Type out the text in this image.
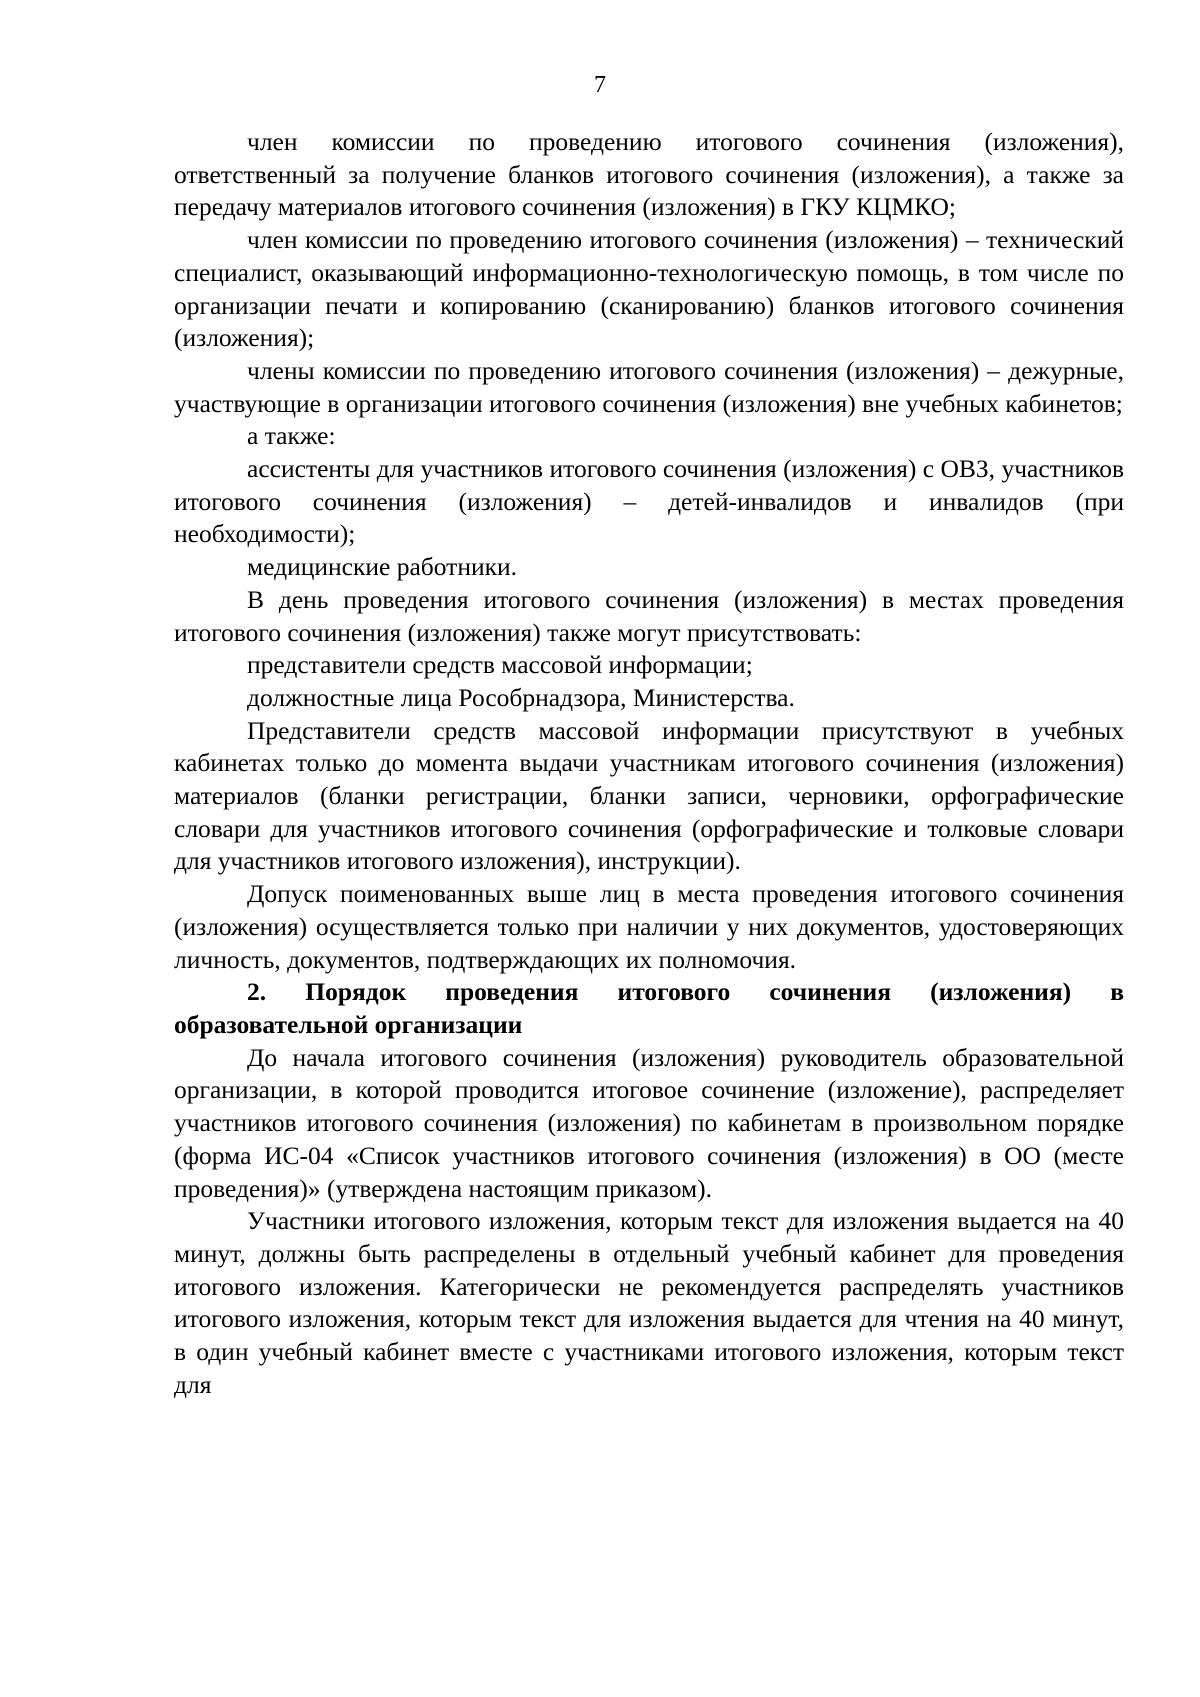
7

член комиссии по проведению итогового сочинения (изложения), ответственный за получение бланков итогового сочинения (изложения), а также за передачу материалов итогового сочинения (изложения) в ГКУ КЦМКО;

член комиссии по проведению итогового сочинения (изложения) – технический специалист, оказывающий информационно-технологическую помощь, в том числе по организации печати и копированию (сканированию) бланков итогового сочинения (изложения);

члены комиссии по проведению итогового сочинения (изложения) – дежурные, участвующие в организации итогового сочинения (изложения) вне учебных кабинетов;

а также:

ассистенты для участников итогового сочинения (изложения) с ОВЗ, участников итогового сочинения (изложения) – детей-инвалидов и инвалидов (при необходимости);

медицинские работники.

В день проведения итогового сочинения (изложения) в местах проведения итогового сочинения (изложения) также могут присутствовать:

представители средств массовой информации;

должностные лица Рособрнадзора, Министерства.

Представители средств массовой информации присутствуют в учебных кабинетах только до момента выдачи участникам итогового сочинения (изложения) материалов (бланки регистрации, бланки записи, черновики, орфографические словари для участников итогового сочинения (орфографические и толковые словари для участников итогового изложения), инструкции).

Допуск поименованных выше лиц в места проведения итогового сочинения (изложения) осуществляется только при наличии у них документов, удостоверяющих личность, документов, подтверждающих их полномочия.

2. Порядок проведения итогового сочинения (изложения) в образовательной организации

До начала итогового сочинения (изложения) руководитель образовательной организации, в которой проводится итоговое сочинение (изложение), распределяет участников итогового сочинения (изложения) по кабинетам в произвольном порядке (форма ИС-04 «Список участников итогового сочинения (изложения) в ОО (месте проведения)» (утверждена настоящим приказом).

Участники итогового изложения, которым текст для изложения выдается на 40 минут, должны быть распределены в отдельный учебный кабинет для проведения итогового изложения. Категорически не рекомендуется распределять участников итогового изложения, которым текст для изложения выдается для чтения на 40 минут, в один учебный кабинет вместе с участниками итогового изложения, которым текст для
